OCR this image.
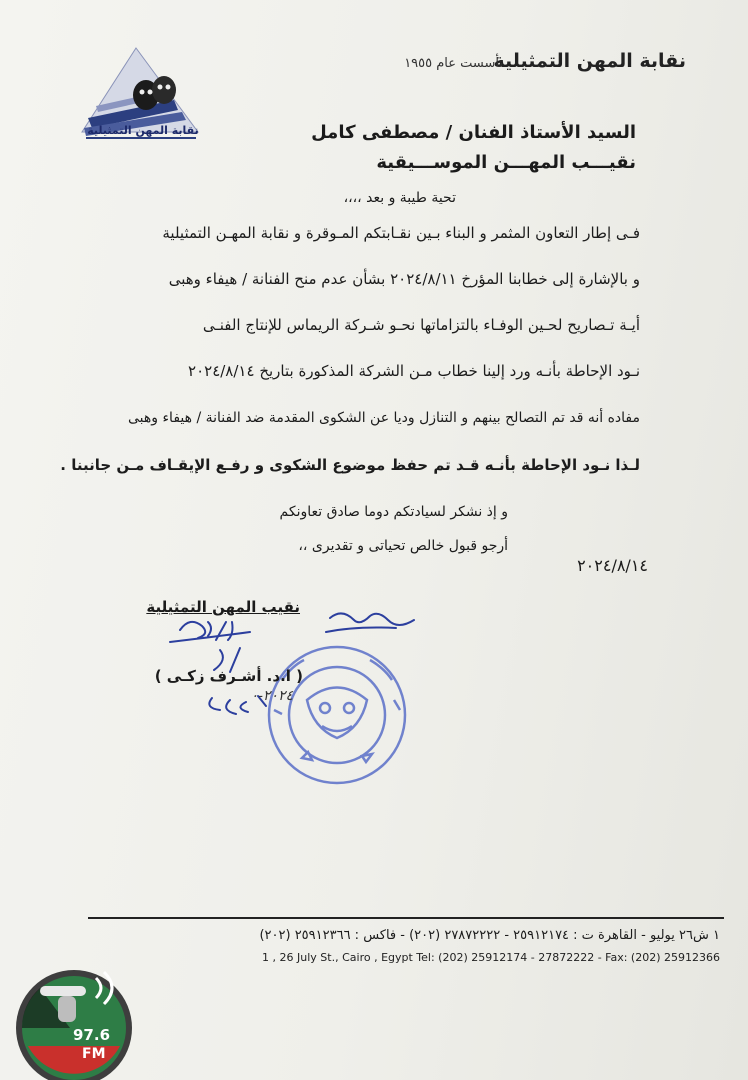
نقابة المهن التمثيلية
نقابة المهن التمثيلية
تأسست عام ١٩٥٥
السيد الأستاذ الفنان / مصطفى كامل
نقيـــب المهـــن الموســـيقية
تحية طيبة و بعد ،،،،
فـى إطار التعاون المثمر و البناء بـين نقـابتكم المـوقرة و نقابة المهـن التمثيلية
و بالإشارة إلى خطابنا المؤرخ ٢٠٢٤/٨/١١ بشأن عدم منح الفنانة / هيفاء وهبى
أيـة تـصاريح لحـين الوفـاء بالتزاماتها نحـو شـركة الريماس للإنتاج الفنـى
نـود الإحاطة بأنـه ورد إلينا خطاب مـن الشركة المذكورة بتاريخ ٢٠٢٤/٨/١٤
مفاده أنه قد تم التصالح بينهم و التنازل وديا عن الشكوى المقدمة ضد الفنانة / هيفاء وهبى
لـذا نـود الإحاطة بأنـه قـد تم حفظ موضوع الشكوى و رفـع الإيقـاف مـن جانبنا .
و إذ نشكر لسيادتكم دوما صادق تعاونكم
أرجو قبول خالص تحياتى و تقديرى ،،
٢٠٢٤/٨/١٤
نقيب المهن التمثيلية
( ا.د. أشـرف زكـى )
٢٠٢٤-٠
١ ش٢٦ يوليو - القاهرة ت : ٢٥٩١٢١٧٤ - ٢٧٨٧٢٢٢٢ (٢٠٢) - فاكس : ٢٥٩١٢٣٦٦ (٢٠٢)
1 , 26 July St., Cairo , Egypt Tel: (202) 25912174 - 27872222 - Fax: (202) 25912366
97.6
FM
